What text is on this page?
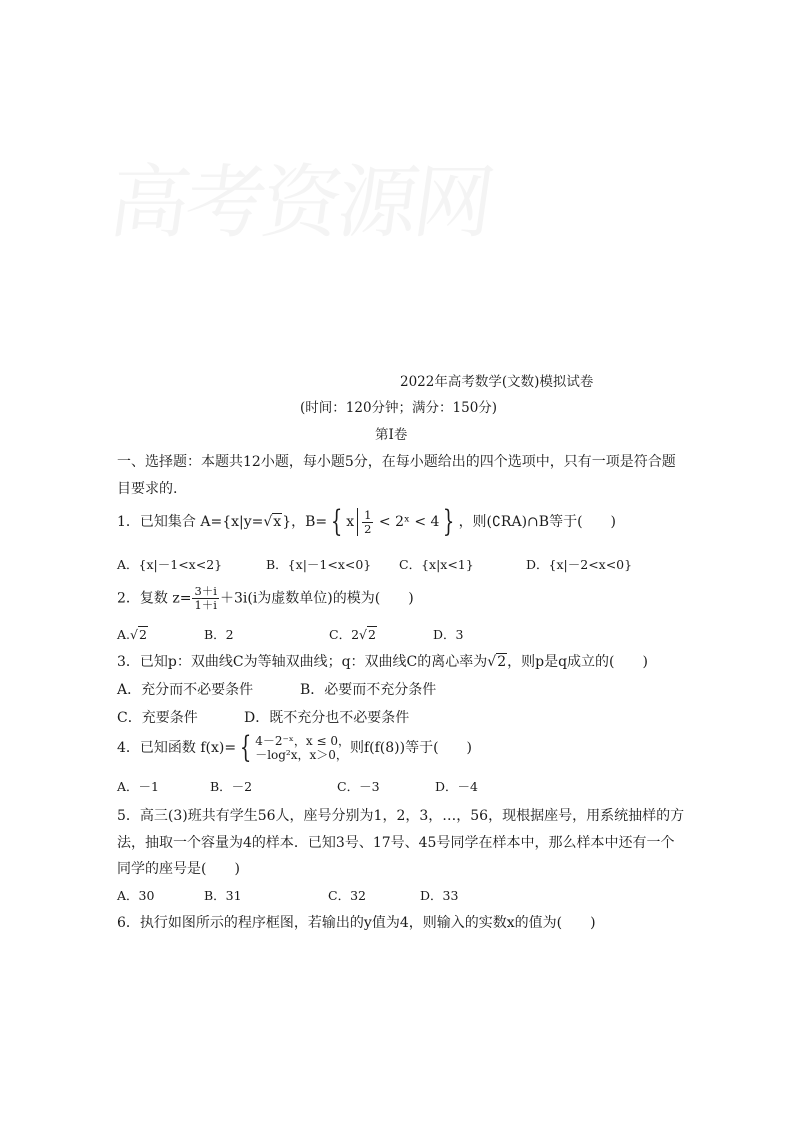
高考资源网
2022年高考数学(文数)模拟试卷
(时间：120分钟；满分：150分)
第Ⅰ卷
一、选择题：本题共12小题，每小题5分，在每小题给出的四个选项中，只有一项是符合题
目要求的.
1．已知集合 A={x|y=√x}，B= { x $\frac{1}{2}$ < 2ˣ < 4 } ，则(∁RA)∩B等于(　　)
A．{x|－1<x<2}	B．{x|－1<x<0} C．{x|x<1}	D．{x|－2<x<0}
2．复数 $z= \frac{3+i}{1+i} +3i(i$为虚数单位)的模为(　　)
A.√2	B．2	C．2√2	D．3
3．已知p：双曲线C为等轴双曲线；q：双曲线C的离心率为√2，则p是q成立的(　　)
A．充分而不必要条件	B．必要而不充分条件
C．充要条件	D．既不充分也不必要条件
4．已知函数 f(x)= { 4－2⁻ˣ，x ≤ 0，
－log²x，x＞0， 则f(f(8))等于(　　)
A．－1	B．－2	C．－3	D．－4
5．高三(3)班共有学生56人，座号分别为1，2，3，…，56，现根据座号，用系统抽样的方
法，抽取一个容量为4的样本．已知3号、17号、45号同学在样本中，那么样本中还有一个
同学的座号是(　　)
A．30	B．31	C．32	D．33
6．执行如图所示的程序框图，若输出的y值为4，则输入的实数x的值为(　　)
